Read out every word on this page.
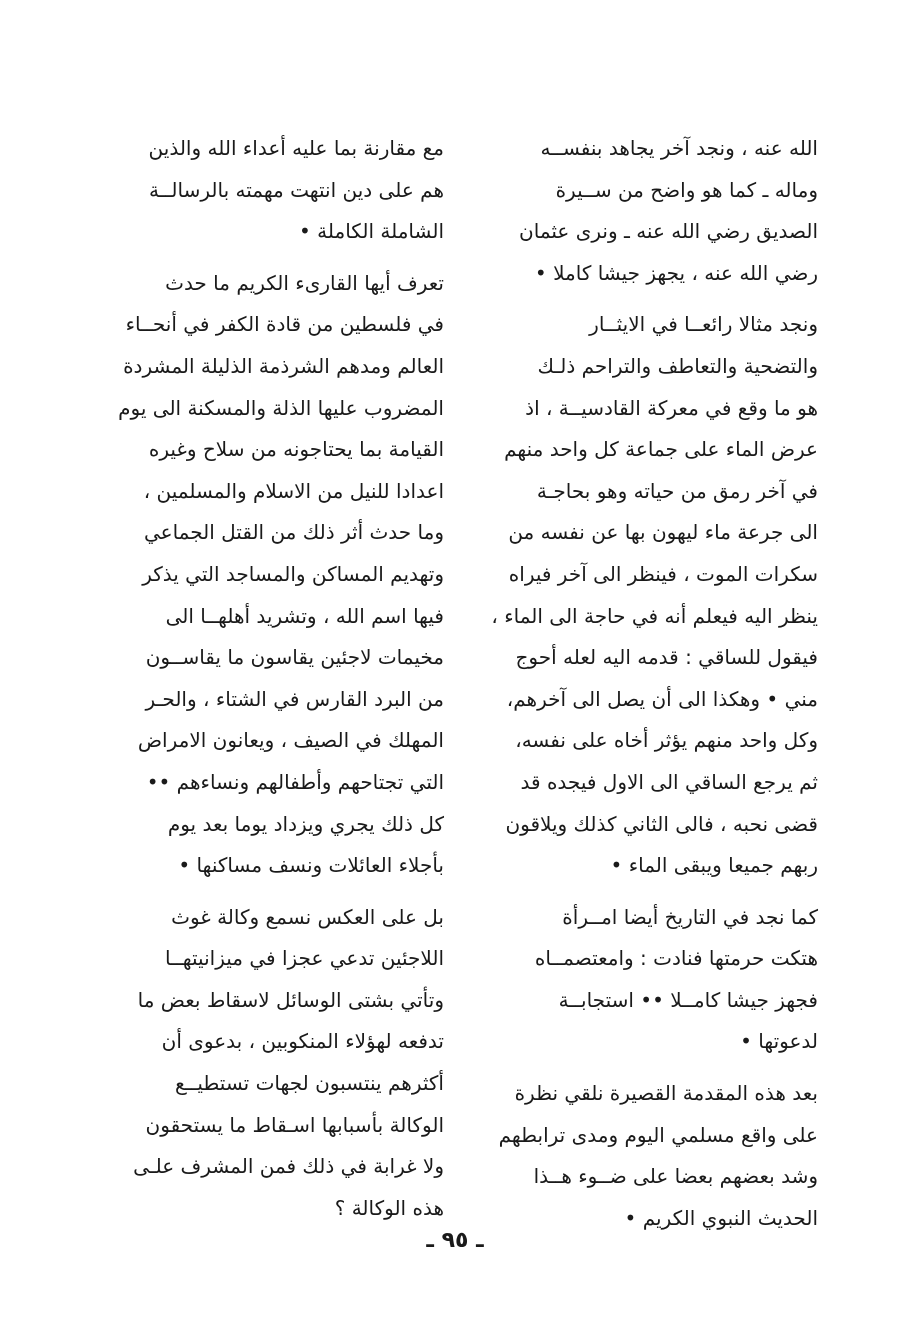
الله عنه ، ونجد آخر يجاهد بنفســه
وماله ـ كما هو واضح من ســيرة
الصديق رضي الله عنه ـ ونرى عثمان
رضي الله عنه ، يجهز جيشا كاملا •

ونجد مثالا رائعــا في الايثــار
والتضحية والتعاطف والتراحم ذلـك
هو ما وقع في معركة القادسيــة ، اذ
عرض الماء على جماعة كل واحد منهم
في آخر رمق من حياته وهو بحاجـة
الى جرعة ماء ليهون بها عن نفسه من
سكرات الموت ، فينظر الى آخر فيراه
ينظر اليه فيعلم أنه في حاجة الى الماء ،
فيقول للساقي : قدمه اليه لعله أحوج
مني • وهكذا الى أن يصل الى آخرهم،
وكل واحد منهم يؤثر أخاه على نفسه،
ثم يرجع الساقي الى الاول فيجده قد
قضى نحبه ، فالى الثاني كذلك ويلاقون
ربهم جميعا ويبقى الماء •

كما نجد في التاريخ أيضا امــرأة
هتكت حرمتها فنادت : وامعتصمــاه
فجهز جيشا كامــلا •• استجابــة
لدعوتها •

بعد هذه المقدمة القصيرة نلقي نظرة
على واقع مسلمي اليوم ومدى ترابطهم
وشد بعضهم بعضا على ضــوء هــذا
الحديث النبوي الكريم •

مع مقارنة بما عليه أعداء الله والذين
هم على دين انتهت مهمته بالرسالــة
الشاملة الكاملة •

تعرف أيها القارىء الكريم ما حدث
في فلسطين من قادة الكفر في أنحــاء
العالم ومدهم الشرذمة الذليلة المشردة
المضروب عليها الذلة والمسكنة الى يوم
القيامة بما يحتاجونه من سلاح وغيره
اعدادا للنيل من الاسلام والمسلمين ،
وما حدث أثر ذلك من القتل الجماعي
وتهديم المساكن والمساجد التي يذكر
فيها اسم الله ، وتشريد أهلهــا الى
مخيمات لاجئين يقاسون ما يقاســون
من البرد القارس في الشتاء ، والحـر
المهلك في الصيف ، ويعانون الامراض
التي تجتاحهم وأطفالهم ونساءهم ••
كل ذلك يجري ويزداد يوما بعد يوم
بأجلاء العائلات ونسف مساكنها •

بل على العكس نسمع وكالة غوث
اللاجئين تدعي عجزا في ميزانيتهــا
وتأتي بشتى الوسائل لاسقاط بعض ما
تدفعه لهؤلاء المنكوبين ، بدعوى أن
أكثرهم ينتسبون لجهات تستطيــع
الوكالة بأسبابها اسـقاط ما يستحقون
ولا غرابة في ذلك فمن المشرف علـى
هذه الوكالة ؟

ـ ٩٥ ـ
